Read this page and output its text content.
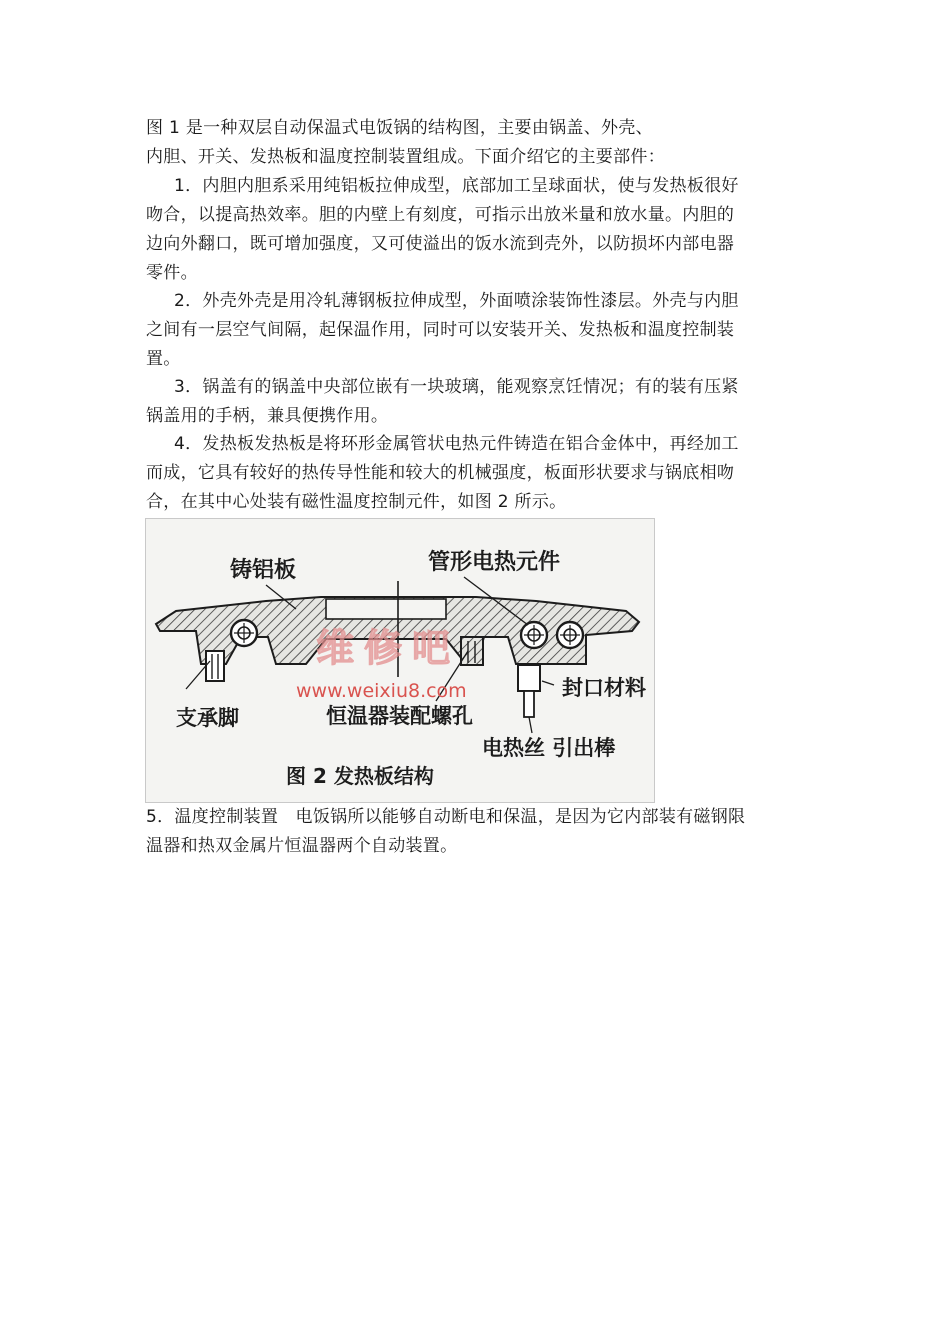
图 1 是一种双层自动保温式电饭锅的结构图，主要由锅盖、外壳、
内胆、开关、发热板和温度控制装置组成。下面介绍它的主要部件：
1．内胆内胆系采用纯铝板拉伸成型，底部加工呈球面状，使与发热板很好
吻合，以提高热效率。胆的内壁上有刻度，可指示出放米量和放水量。内胆的
边向外翻口，既可增加强度，又可使溢出的饭水流到壳外，以防损坏内部电器
零件。
2．外壳外壳是用冷轧薄钢板拉伸成型，外面喷涂装饰性漆层。外壳与内胆
之间有一层空气间隔，起保温作用，同时可以安装开关、发热板和温度控制装
置。
3．锅盖有的锅盖中央部位嵌有一块玻璃，能观察烹饪情况；有的装有压紧
锅盖用的手柄，兼具便携作用。
4．发热板发热板是将环形金属管状电热元件铸造在铝合金体中，再经加工
而成，它具有较好的热传导性能和较大的机械强度，板面形状要求与锅底相吻
合，在其中心处装有磁性温度控制元件，如图 2 所示。
铸铝板	管形电热元件
支承脚	恒温器装配螺孔
封口材料
电热丝 引出棒
维修吧
www.weixiu8.com
图 2 发热板结构
5．温度控制装置　电饭锅所以能够自动断电和保温，是因为它内部装有磁钢限
温器和热双金属片恒温器两个自动装置。
